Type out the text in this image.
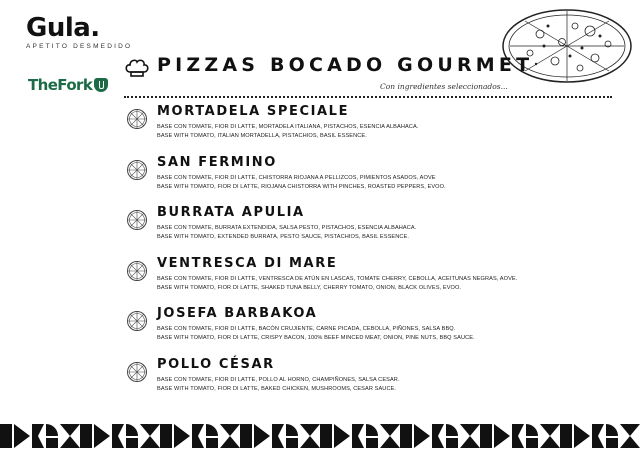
Gula.
APETITO DESMEDIDO
TheFork
PIZZAS BOCADO GOURMET
Con ingredientes seleccionados...
MORTADELA SPECIALE
BASE CON TOMATE, FIOR DI LATTE, MORTADELA ITALIANA, PISTACHOS, ESENCIA ALBAHACA.
BASE WITH TOMATO, ITALIAN MORTADELLA, PISTACHIOS, BASIL ESSENCE.
SAN FERMINO
BASE CON TOMATE, FIOR DI LATTE, CHISTORRA RIOJANA A PELLIZCOS, PIMIENTOS ASADOS, AOVE
BASE WITH TOMATO, FIOR DI LATTE, RIOJANA CHISTORRA WITH PINCHES, ROASTED PEPPERS, EVOO.
BURRATA APULIA
BASE CON TOMATE, BURRATA EXTENDIDA, SALSA PESTO, PISTACHOS, ESENCIA ALBAHACA.
BASE WITH TOMATO, EXTENDED BURRATA, PESTO SAUCE, PISTACHIOS, BASIL ESSENCE.
VENTRESCA DI MARE
BASE CON TOMATE, FIOR DI LATTE, VENTRESCA DE ATÚN EN LASCAS, TOMATE CHERRY, CEBOLLA, ACEITUNAS NEGRAS, AOVE.
BASE WITH TOMATO, FIOR DI LATTE, SHAKED TUNA BELLY, CHERRY TOMATO, ONION, BLACK OLIVES, EVOO.
JOSEFA BARBAKOA
BASE CON TOMATE, FIOR DI LATTE, BACÓN CRUJIENTE, CARNE PICADA, CEBOLLA, PIÑONES, SALSA BBQ.
BASE WITH TOMATO, FIOR DI LATTE, CRISPY BACON, 100% BEEF MINCED MEAT, ONION, PINE NUTS, BBQ SAUCE.
POLLO CÉSAR
BASE CON TOMATE, FIOR DI LATTE, POLLO AL HORNO, CHAMPIÑONES, SALSA CESAR.
BASE WITH TOMATO, FIOR DI LATTE, BAKED CHICKEN, MUSHROOMS, CESAR SAUCE.
